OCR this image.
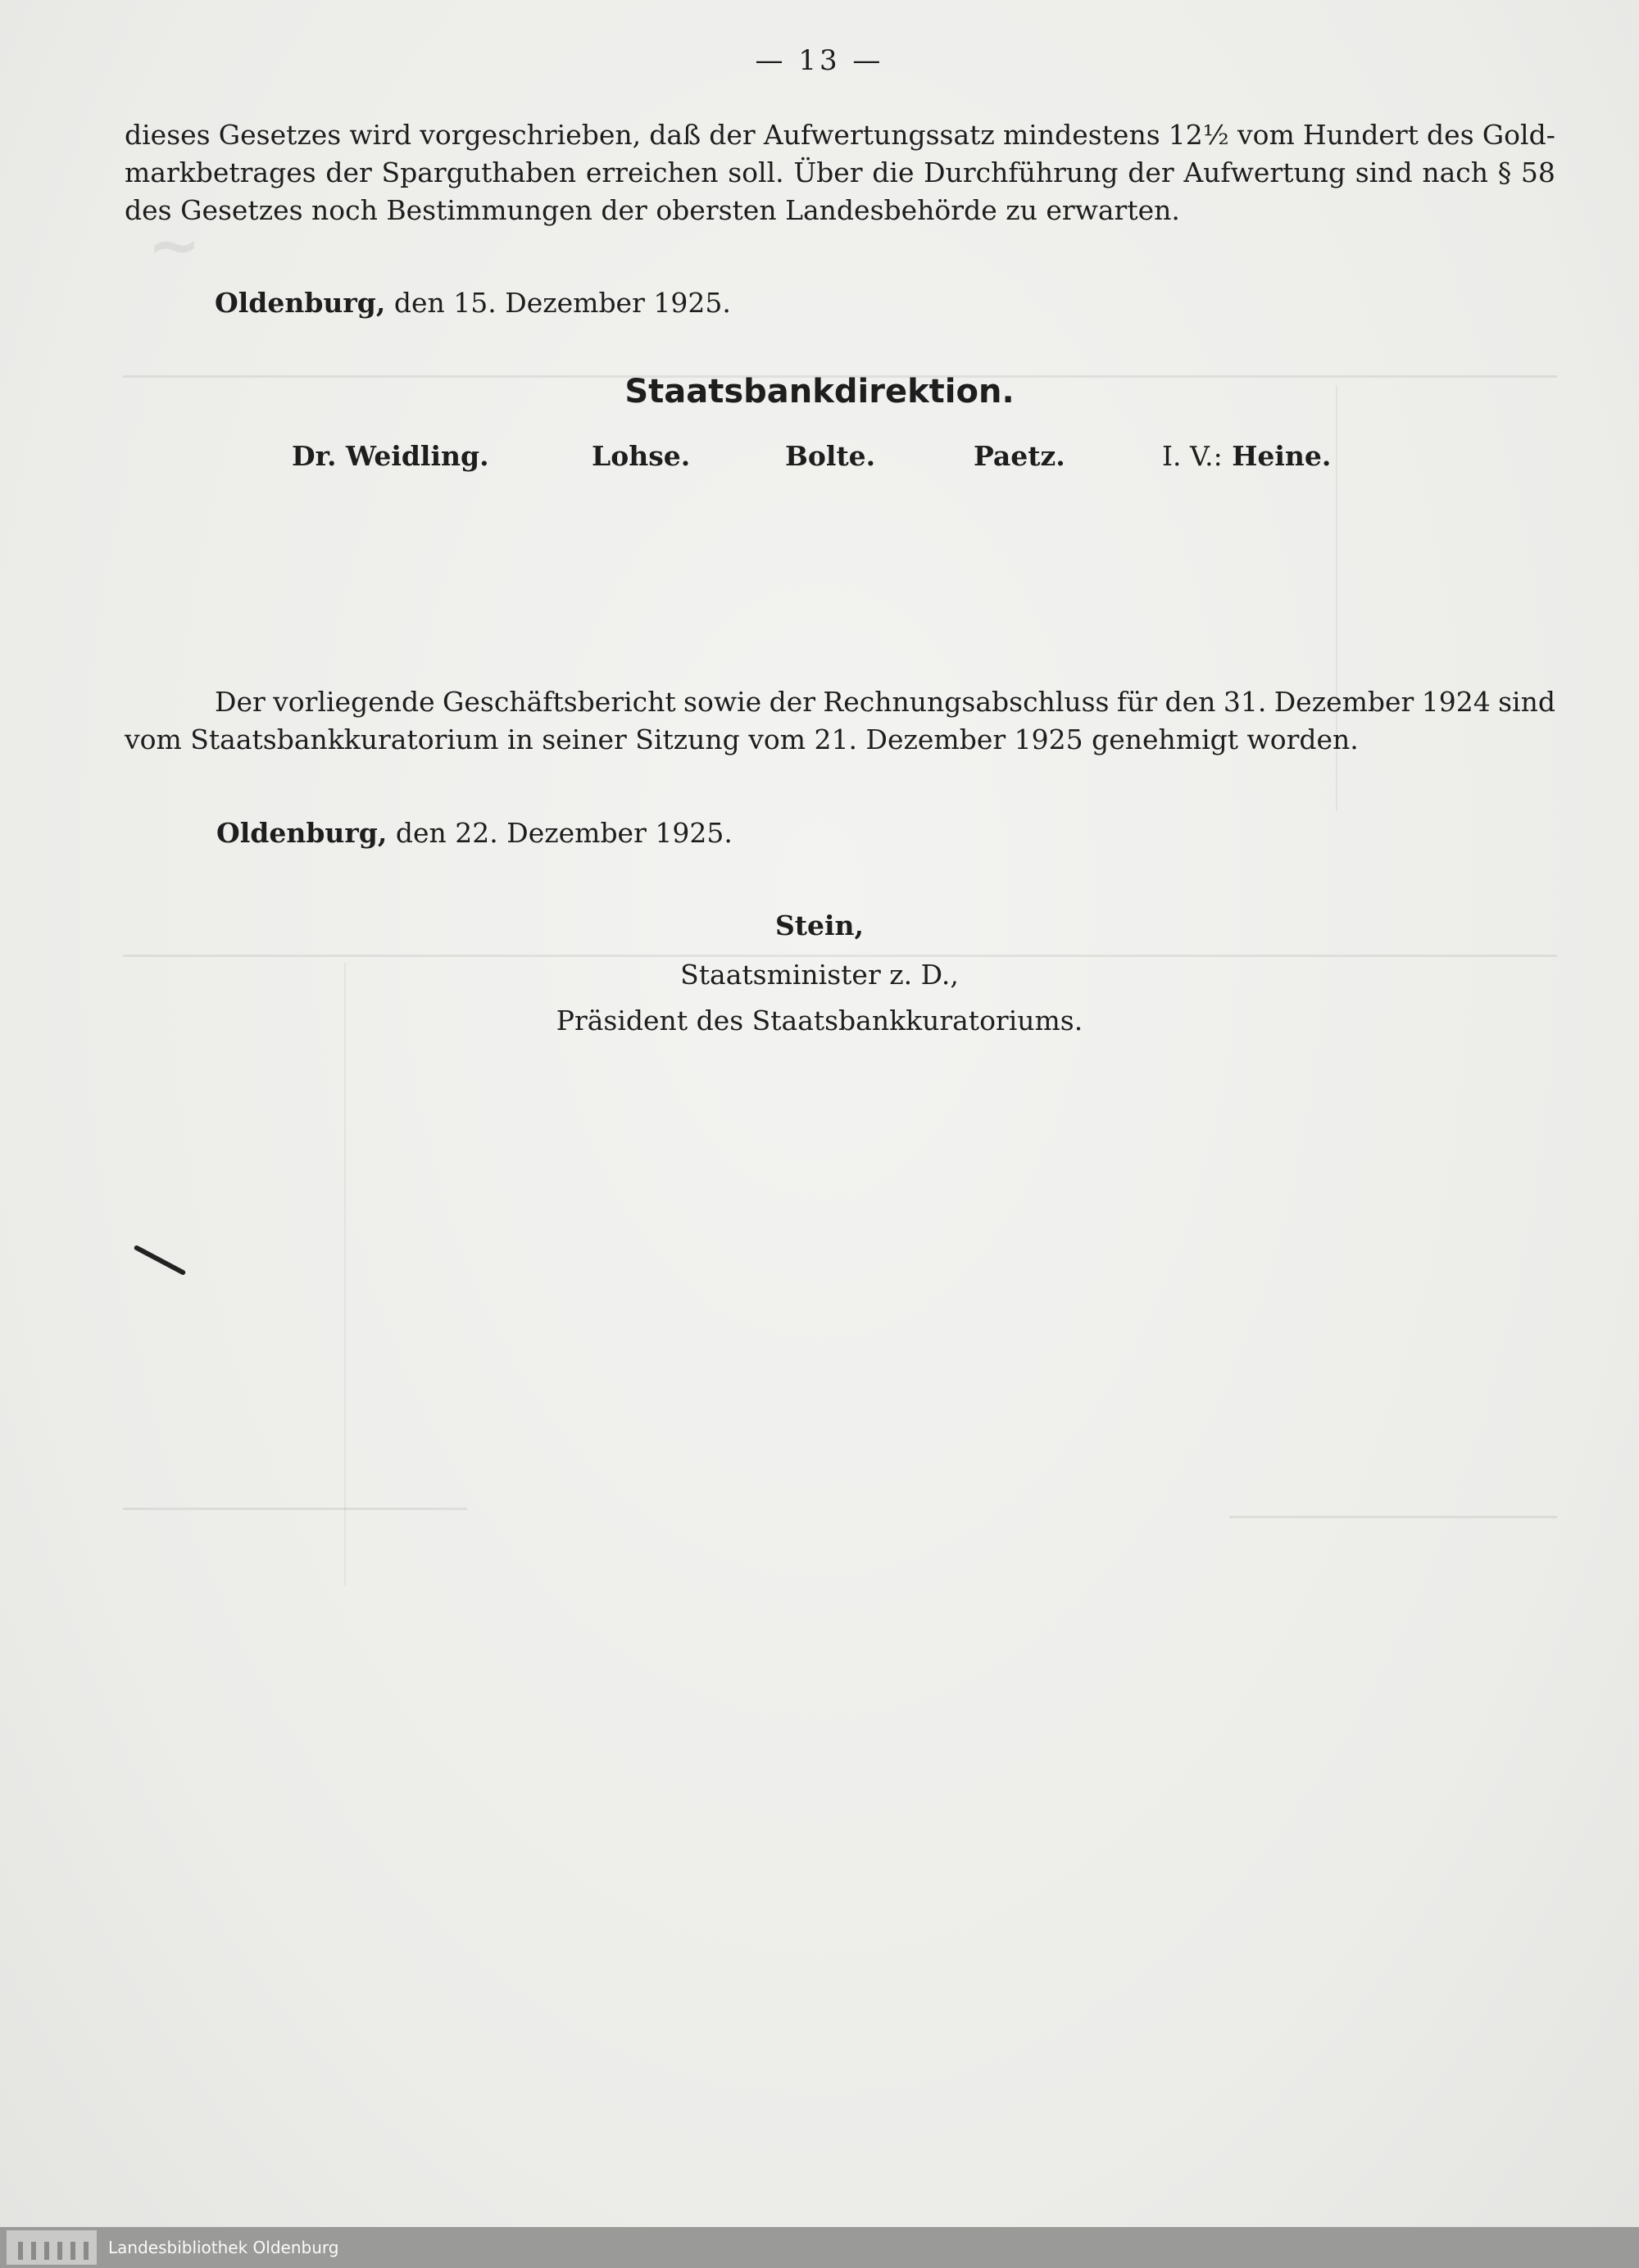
~
— 13 —
dieses Gesetzes wird vorgeschrieben, daß der Aufwertungssatz mindestens 12½ vom Hundert des Gold-
markbetrages der Sparguthaben erreichen soll. Über die Durchführung der Aufwertung sind nach § 58
des Gesetzes noch Bestimmungen der obersten Landesbehörde zu erwarten.
Oldenburg, den 15. Dezember 1925.
Staatsbankdirektion.
Dr. Weidling.	Lohse.	Bolte.	Paetz.	I. V.: Heine.
Der vorliegende Geschäftsbericht sowie der Rechnungsabschluss für den 31. Dezember 1924 sind
vom Staatsbankkuratorium in seiner Sitzung vom 21. Dezember 1925 genehmigt worden.
Oldenburg, den 22. Dezember 1925.
Stein,
Staatsminister z. D.,
Präsident des Staatsbankkuratoriums.
Landesbibliothek Oldenburg
